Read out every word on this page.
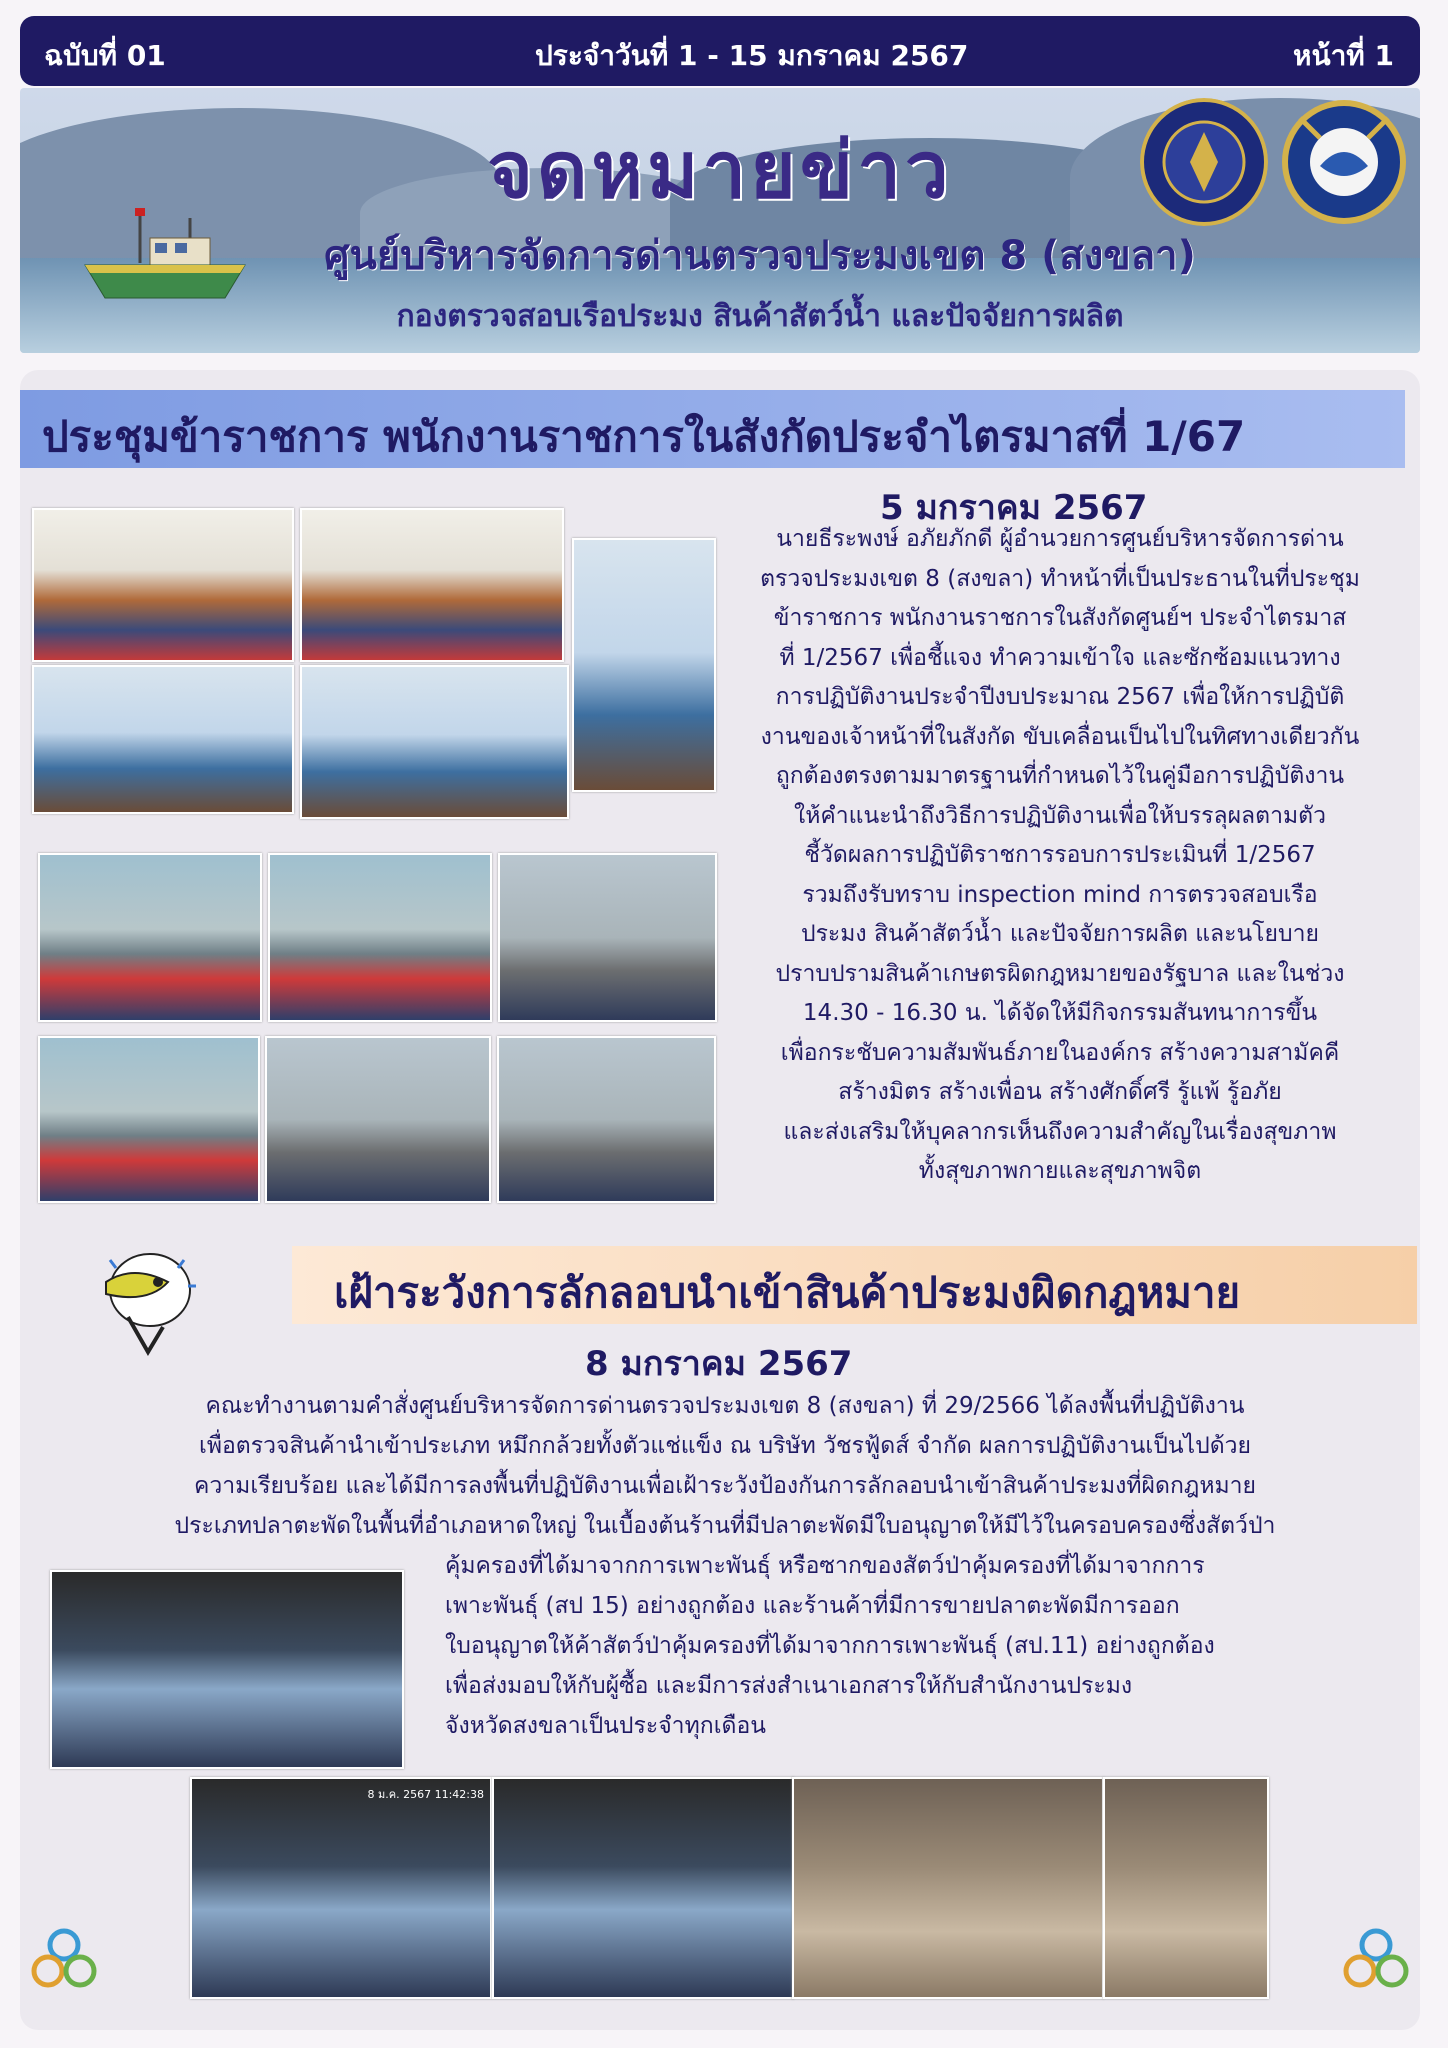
ฉบับที่ 01	ประจำวันที่ 1 - 15 มกราคม 2567	หน้าที่ 1
จดหมายข่าว
ศูนย์บริหารจัดการด่านตรวจประมงเขต 8 (สงขลา)
กองตรวจสอบเรือประมง สินค้าสัตว์น้ำ และปัจจัยการผลิต
ประชุมข้าราชการ พนักงานราชการในสังกัดประจำไตรมาสที่ 1/67
5 มกราคม 2567
นายธีระพงษ์ อภัยภักดี ผู้อำนวยการศูนย์บริหารจัดการด่าน
ตรวจประมงเขต 8 (สงขลา) ทำหน้าที่เป็นประธานในที่ประชุม
ข้าราชการ พนักงานราชการในสังกัดศูนย์ฯ ประจำไตรมาส
ที่ 1/2567 เพื่อชี้แจง ทำความเข้าใจ และซักซ้อมแนวทาง
การปฏิบัติงานประจำปีงบประมาณ 2567 เพื่อให้การปฏิบัติ
งานของเจ้าหน้าที่ในสังกัด ขับเคลื่อนเป็นไปในทิศทางเดียวกัน
ถูกต้องตรงตามมาตรฐานที่กำหนดไว้ในคู่มือการปฏิบัติงาน
ให้คำแนะนำถึงวิธีการปฏิบัติงานเพื่อให้บรรลุผลตามตัว
ชี้วัดผลการปฏิบัติราชการรอบการประเมินที่ 1/2567
รวมถึงรับทราบ inspection mind การตรวจสอบเรือ
ประมง สินค้าสัตว์น้ำ และปัจจัยการผลิต และนโยบาย
ปราบปรามสินค้าเกษตรผิดกฎหมายของรัฐบาล และในช่วง
14.30 - 16.30 น. ได้จัดให้มีกิจกรรมสันทนาการขึ้น
เพื่อกระชับความสัมพันธ์ภายในองค์กร สร้างความสามัคคี
สร้างมิตร สร้างเพื่อน สร้างศักดิ์ศรี รู้แพ้ รู้อภัย
และส่งเสริมให้บุคลากรเห็นถึงความสำคัญในเรื่องสุขภาพ
ทั้งสุขภาพกายและสุขภาพจิต
เฝ้าระวังการลักลอบนำเข้าสินค้าประมงผิดกฎหมาย
8 มกราคม 2567
คณะทำงานตามคำสั่งศูนย์บริหารจัดการด่านตรวจประมงเขต 8 (สงขลา) ที่ 29/2566 ได้ลงพื้นที่ปฏิบัติงาน
เพื่อตรวจสินค้านำเข้าประเภท หมึกกล้วยทั้งตัวแช่แข็ง ณ บริษัท วัชรฟู้ดส์ จำกัด ผลการปฏิบัติงานเป็นไปด้วย
ความเรียบร้อย และได้มีการลงพื้นที่ปฏิบัติงานเพื่อเฝ้าระวังป้องกันการลักลอบนำเข้าสินค้าประมงที่ผิดกฎหมาย
ประเภทปลาตะพัดในพื้นที่อำเภอหาดใหญ่ ในเบื้องต้นร้านที่มีปลาตะพัดมีใบอนุญาตให้มีไว้ในครอบครองซึ่งสัตว์ป่า
คุ้มครองที่ได้มาจากการเพาะพันธุ์ หรือซากของสัตว์ป่าคุ้มครองที่ได้มาจากการ
เพาะพันธุ์ (สป 15) อย่างถูกต้อง และร้านค้าที่มีการขายปลาตะพัดมีการออก
ใบอนุญาตให้ค้าสัตว์ป่าคุ้มครองที่ได้มาจากการเพาะพันธุ์ (สป.11) อย่างถูกต้อง
เพื่อส่งมอบให้กับผู้ซื้อ และมีการส่งสำเนาเอกสารให้กับสำนักงานประมง
จังหวัดสงขลาเป็นประจำทุกเดือน
8 ม.ค. 2567 11:42:38
